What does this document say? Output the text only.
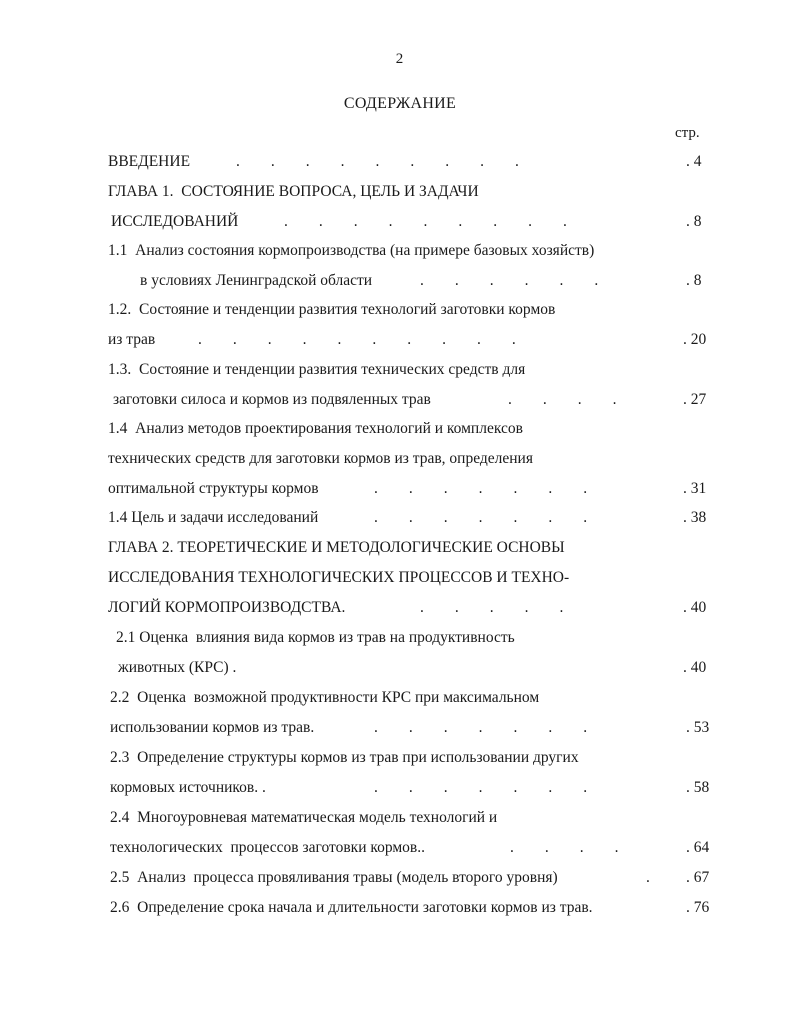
2
СОДЕРЖАНИЕ
стр.
ВВЕДЕНИЕ	.        .        .        .        .        .        .        .        .	. 4
ГЛАВА 1.  СОСТОЯНИЕ ВОПРОСА, ЦЕЛЬ И ЗАДАЧИ
ИССЛЕДОВАНИЙ	.        .        .        .        .        .        .        .        .	. 8
1.1  Анализ состояния кормопроизводства (на примере базовых хозяйств)
в условиях Ленинградской области	.        .        .        .        .        .	. 8
1.2.  Состояние и тенденции развития технологий заготовки кормов
из трав	.        .        .        .        .        .        .        .        .        .	. 20
1.3.  Состояние и тенденции развития технических средств для
заготовки силоса и кормов из подвяленных трав	.        .        .        .	. 27
1.4  Анализ методов проектирования технологий и комплексов
технических средств для заготовки кормов из трав, определения
оптимальной структуры кормов	.        .        .        .        .        .        .	. 31
1.4 Цель и задачи исследований	.        .        .        .        .        .        .	. 38
ГЛАВА 2. ТЕОРЕТИЧЕСКИЕ И МЕТОДОЛОГИЧЕСКИЕ ОСНОВЫ
ИССЛЕДОВАНИЯ ТЕХНОЛОГИЧЕСКИХ ПРОЦЕССОВ И ТЕХНО-
ЛОГИЙ КОРМОПРОИЗВОДСТВА.	.        .        .        .        .	. 40
2.1 Оценка  влияния вида кормов из трав на продуктивность
животных (КРС) .	. 40
2.2  Оценка  возможной продуктивности КРС при максимальном
использовании кормов из трав.	.        .        .        .        .        .        .	. 53
2.3  Определение структуры кормов из трав при использовании других
кормовых источников. .	.        .        .        .        .        .        .	. 58
2.4  Многоуровневая математическая модель технологий и
технологических  процессов заготовки кормов..	.        .        .        .	. 64
2.5  Анализ  процесса провяливания травы (модель второго уровня)	. . 67
2.6  Определение срока начала и длительности заготовки кормов из трав.	. 76
